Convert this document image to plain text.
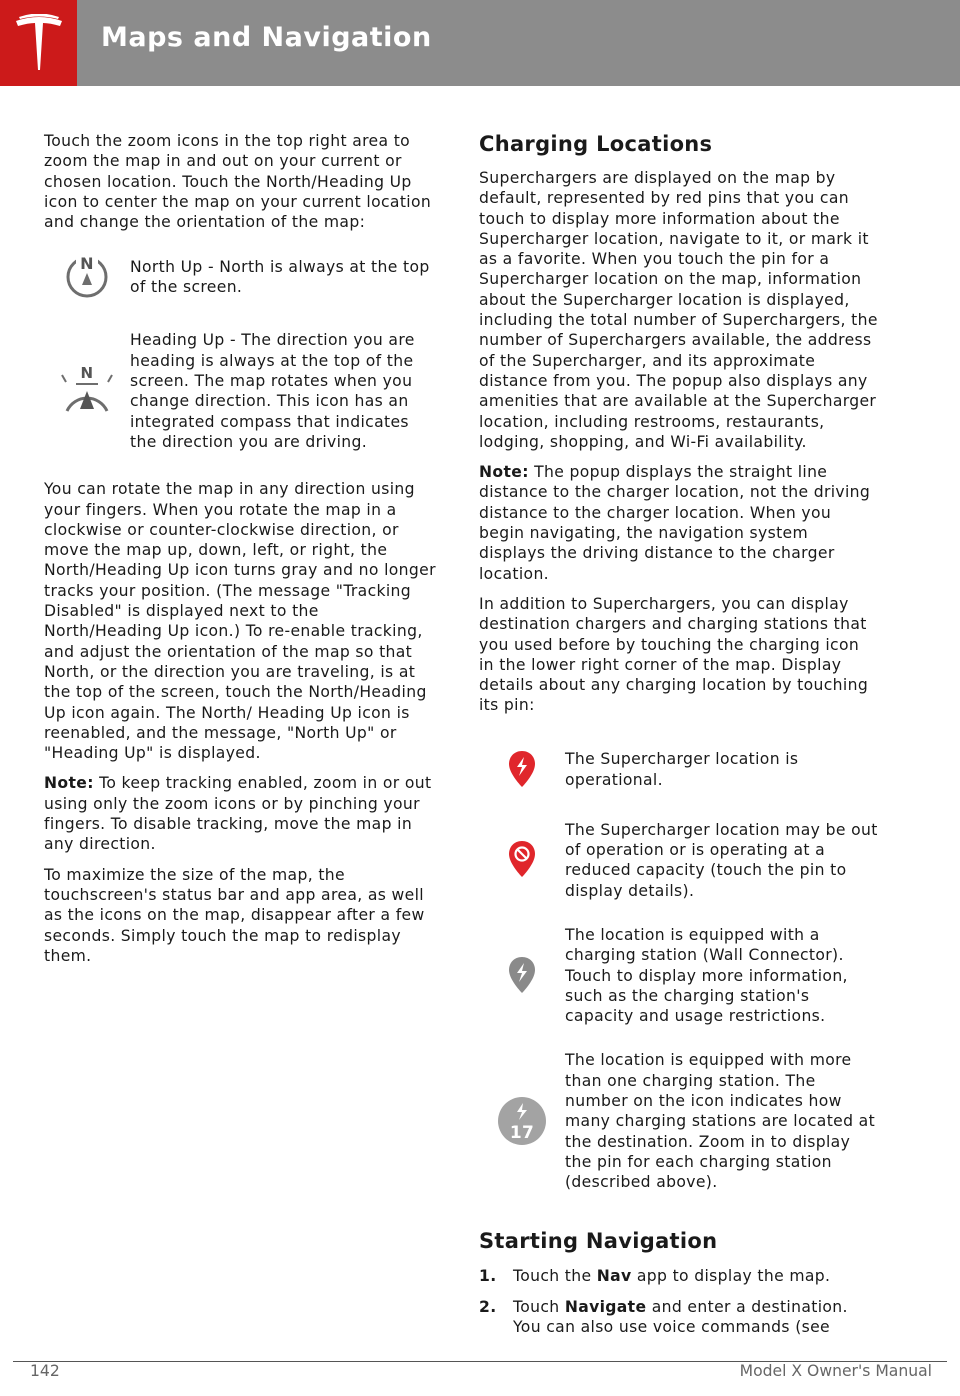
Maps and Navigation

Touch the zoom icons in the top right area to zoom the map in and out on your current or chosen location. Touch the North/Heading Up icon to center the map on your current location and change the orientation of the map:

N North Up - North is always at the top of the screen.
N
Heading Up - The direction you are heading is always at the top of the screen. The map rotates when you change direction. This icon has an integrated compass that indicates the direction you are driving.

You can rotate the map in any direction using your fingers. When you rotate the map in a clockwise or counter-clockwise direction, or move the map up, down, left, or right, the North/Heading Up icon turns gray and no longer tracks your position. (The message "Tracking Disabled" is displayed next to the North/Heading Up icon.) To re-enable tracking, and adjust the orientation of the map so that North, or the direction you are traveling, is at the top of the screen, touch the North/Heading Up icon again. The North/ Heading Up icon is reenabled, and the message, "North Up" or "Heading Up" is displayed.

Note: To keep tracking enabled, zoom in or out using only the zoom icons or by pinching your fingers. To disable tracking, move the map in any direction.

To maximize the size of the map, the touchscreen's status bar and app area, as well as the icons on the map, disappear after a few seconds. Simply touch the map to redisplay them.

Charging Locations

Superchargers are displayed on the map by default, represented by red pins that you can touch to display more information about the Supercharger location, navigate to it, or mark it as a favorite. When you touch the pin for a Supercharger location on the map, information about the Supercharger location is displayed, including the total number of Superchargers, the number of Superchargers available, the address of the Supercharger, and its approximate distance from you. The popup also displays any amenities that are available at the Supercharger location, including restrooms, restaurants, lodging, shopping, and Wi-Fi availability.

Note: The popup displays the straight line distance to the charger location, not the driving distance to the charger location. When you begin navigating, the navigation system displays the driving distance to the charger location.

In addition to Superchargers, you can display destination chargers and charging stations that you used before by touching the charging icon in the lower right corner of the map. Display details about any charging location by touching its pin:

The Supercharger location is operational.
The Supercharger location may be out of operation or is operating at a reduced capacity (touch the pin to display details).
The location is equipped with a charging station (Wall Connector). Touch to display more information, such as the charging station's capacity and usage restrictions.
17
The location is equipped with more than one charging station. The number on the icon indicates how many charging stations are located at the destination. Zoom in to display the pin for each charging station (described above).
Starting Navigation
1.	Touch the Nav app to display the map.
2.	Touch Navigate and enter a destination. You can also use voice commands (see
142	Model X Owner's Manual
